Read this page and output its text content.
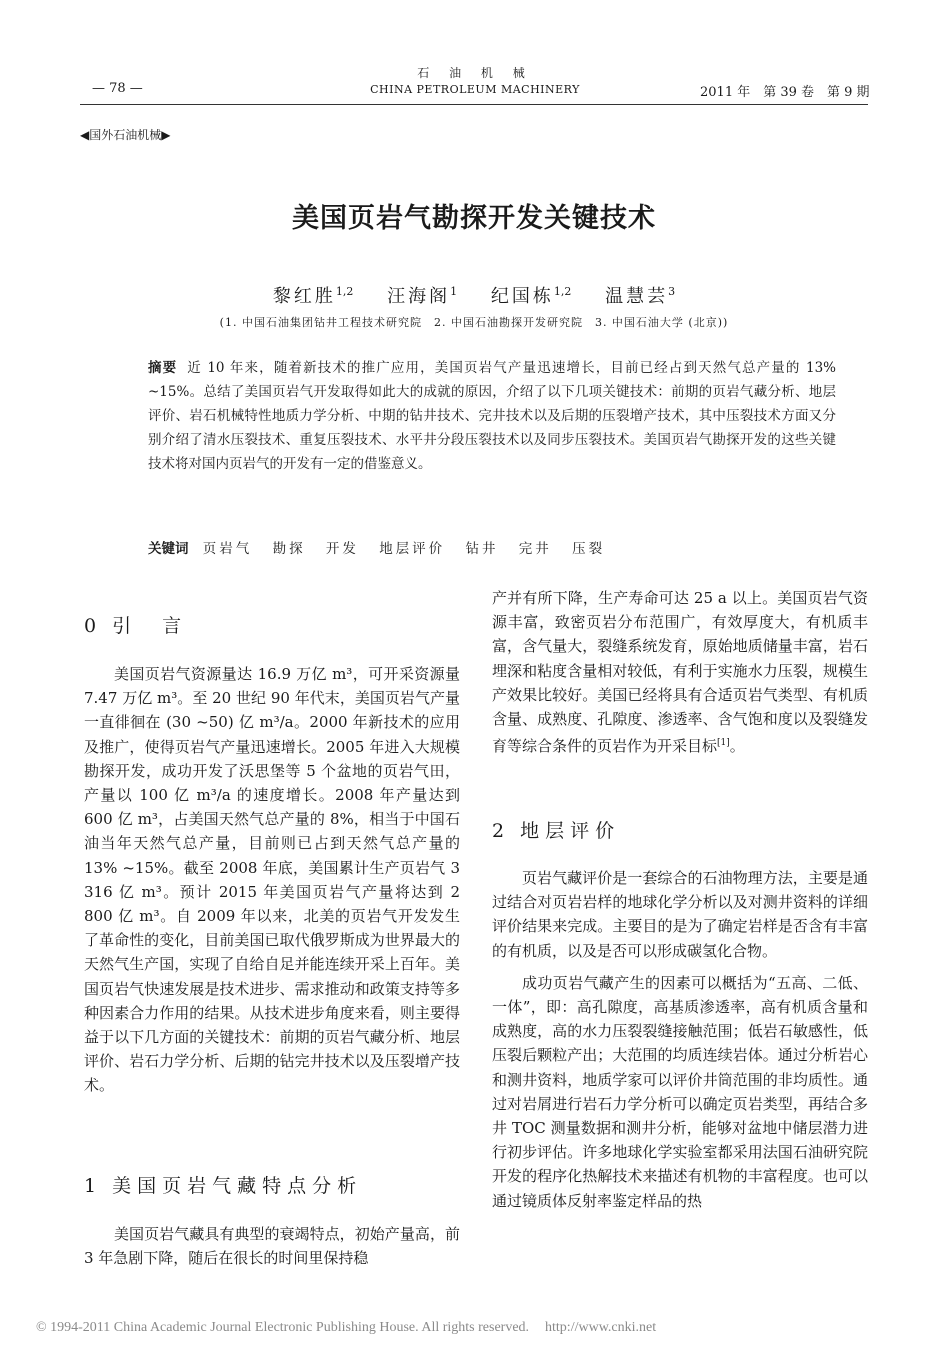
石 油 机 械
CHINA PETROLEUM MACHINERY
— 78 —	2011 年　第 39 卷　第 9 期
◀国外石油机械▶
美国页岩气勘探开发关键技术
黎红胜$^{1,2}$ 汪海阁$^1$ 纪国栋$^{1,2}$ 温慧芸$^3$
(1. 中国石油集团钻井工程技术研究院　2. 中国石油勘探开发研究院　3. 中国石油大学 (北京))
摘要 近 10 年来，随着新技术的推广应用，美国页岩气产量迅速增长，目前已经占到天然气总产量的 13% ~15%。总结了美国页岩气开发取得如此大的成就的原因，介绍了以下几项关键技术：前期的页岩气藏分析、地层评价、岩石机械特性地质力学分析、中期的钻井技术、完井技术以及后期的压裂增产技术，其中压裂技术方面又分别介绍了清水压裂技术、重复压裂技术、水平井分段压裂技术以及同步压裂技术。美国页岩气勘探开发的这些关键技术将对国内页岩气的开发有一定的借鉴意义。
关键词 页岩气 勘探 开发 地层评价 钻井 完井 压裂
0 引　言

美国页岩气资源量达 16.9 万亿 m³，可开采资源量 7.47 万亿 m³。至 20 世纪 90 年代末，美国页岩气产量一直徘徊在 (30 ~50) 亿 m³/a。2000 年新技术的应用及推广，使得页岩气产量迅速增长。2005 年进入大规模勘探开发，成功开发了沃思堡等 5 个盆地的页岩气田，产量以 100 亿 m³/a 的速度增长。2008 年产量达到 600 亿 m³，占美国天然气总产量的 8%，相当于中国石油当年天然气总产量，目前则已占到天然气总产量的 13% ~15%。截至 2008 年底，美国累计生产页岩气 3 316 亿 m³。预计 2015 年美国页岩气产量将达到 2 800 亿 m³。自 2009 年以来，北美的页岩气开发发生了革命性的变化，目前美国已取代俄罗斯成为世界最大的天然气生产国，实现了自给自足并能连续开采上百年。美国页岩气快速发展是技术进步、需求推动和政策支持等多种因素合力作用的结果。从技术进步角度来看，则主要得益于以下几方面的关键技术：前期的页岩气藏分析、地层评价、岩石力学分析、后期的钻完井技术以及压裂增产技术。

1 美国页岩气藏特点分析

美国页岩气藏具有典型的衰竭特点，初始产量高，前 3 年急剧下降，随后在很长的时间里保持稳

产并有所下降，生产寿命可达 25 a 以上。美国页岩气资源丰富，致密页岩分布范围广，有效厚度大，有机质丰富，含气量大，裂缝系统发育，原始地质储量丰富，岩石埋深和粘度含量相对较低，有利于实施水力压裂，规模生产效果比较好。美国已经将具有合适页岩气类型、有机质含量、成熟度、孔隙度、渗透率、含气饱和度以及裂缝发育等综合条件的页岩作为开采目标[1]。

2 地层评价

页岩气藏评价是一套综合的石油物理方法，主要是通过结合对页岩岩样的地球化学分析以及对测井资料的详细评价结果来完成。主要目的是为了确定岩样是否含有丰富的有机质，以及是否可以形成碳氢化合物。

成功页岩气藏产生的因素可以概括为“五高、二低、一体”，即：高孔隙度，高基质渗透率，高有机质含量和成熟度，高的水力压裂裂缝接触范围；低岩石敏感性，低压裂后颗粒产出；大范围的均质连续岩体。通过分析岩心和测井资料，地质学家可以评价井筒范围的非均质性。通过对岩屑进行岩石力学分析可以确定页岩类型，再结合多井 TOC 测量数据和测井分析，能够对盆地中储层潜力进行初步评估。许多地球化学实验室都采用法国石油研究院开发的程序化热解技术来描述有机物的丰富程度。也可以通过镜质体反射率鉴定样品的热

© 1994-2011 China Academic Journal Electronic Publishing House. All rights reserved. http://www.cnki.net
